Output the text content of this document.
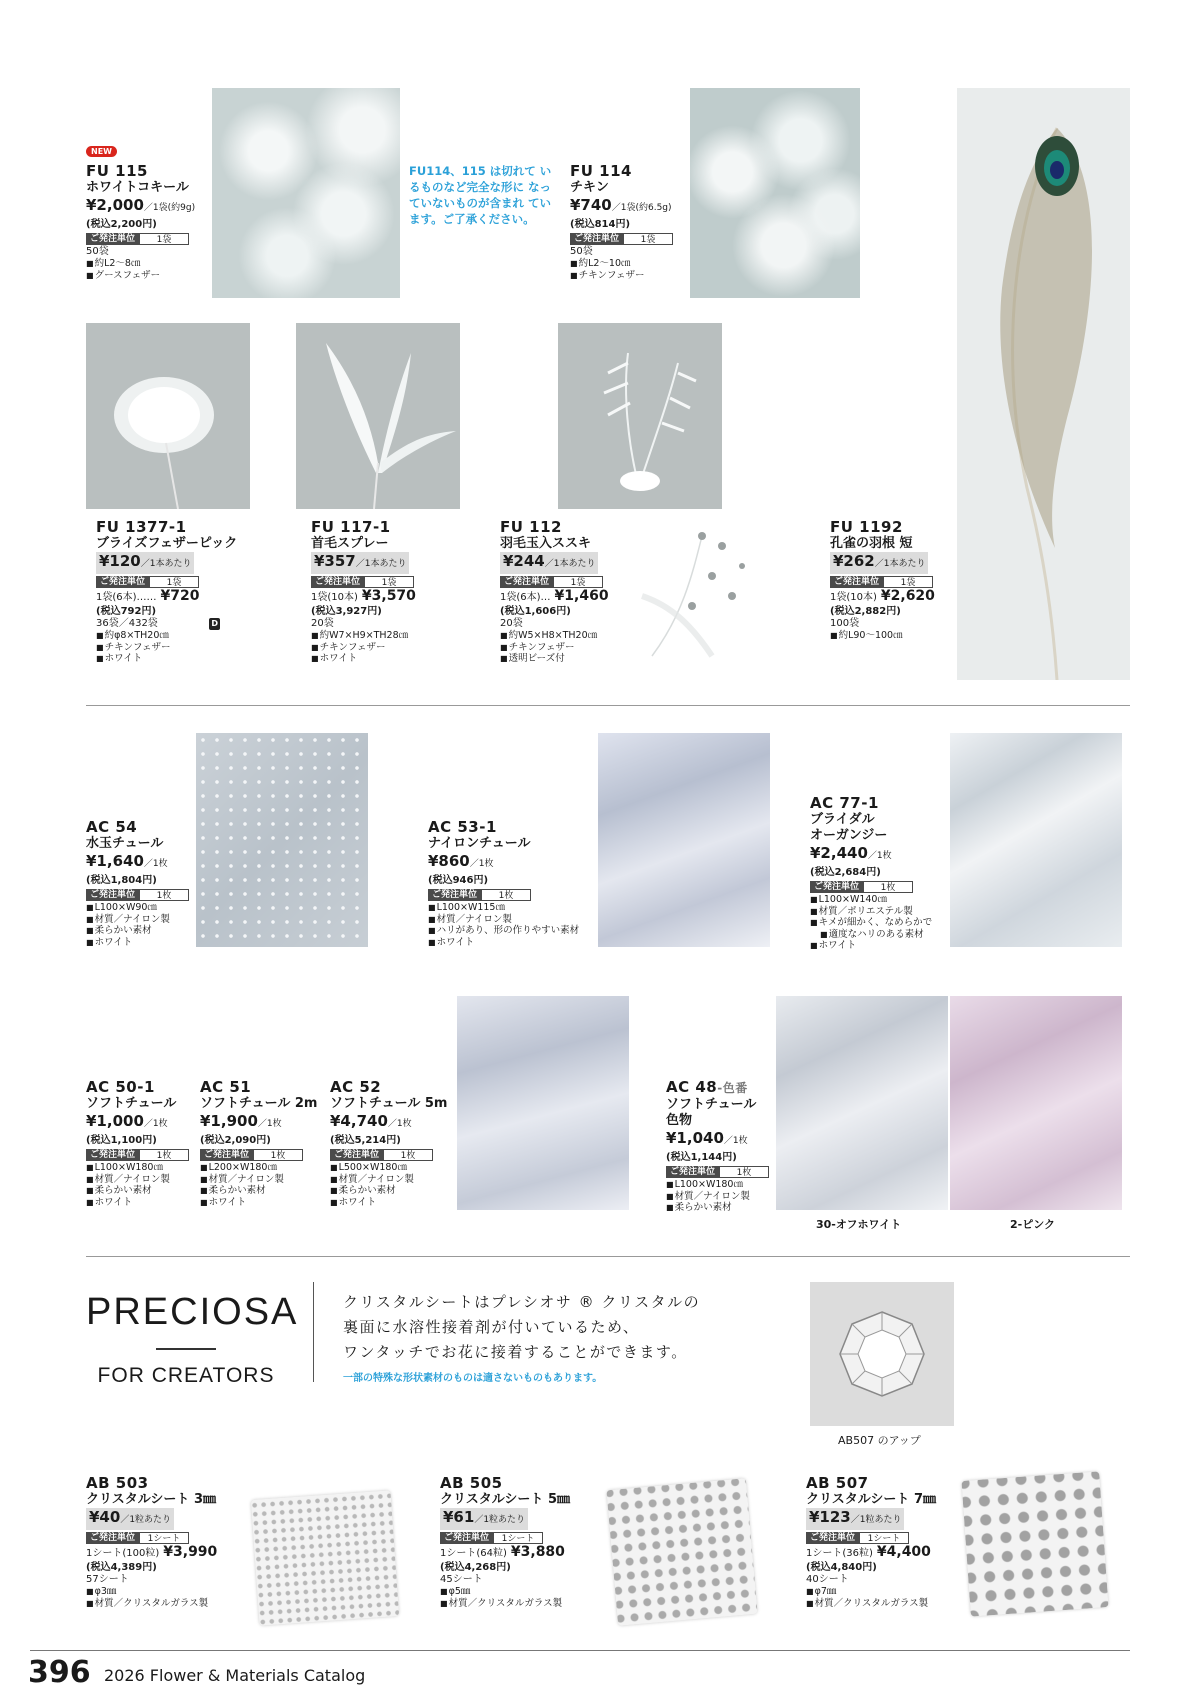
NEW
FU 115
ホワイトコキール
¥2,000／1袋(約9g)
(税込2,200円)
ご発注単位	1袋
50袋
■ 約L2～8㎝
■ グースフェザー
FU114、115 は切れて いるものなど完全な形に なっていないものが含まれ ています。ご了承ください。
FU 114
チキン
¥740／1袋(約6.5g)
(税込814円)
ご発注単位	1袋
50袋
■ 約L2～10㎝
■ チキンフェザー
FU 1377-1
ブライズフェザーピック
¥120／1本あたり
ご発注単位	1袋
1袋(6本)…… ¥720
(税込792円)
36袋／432袋	D
■ 約φ8×TH20㎝
■ チキンフェザー
■ ホワイト
FU 117-1
首毛スプレー
¥357／1本あたり
ご発注単位	1袋
1袋(10本) ¥3,570
(税込3,927円)
20袋
■ 約W7×H9×TH28㎝
■ チキンフェザー
■ ホワイト
FU 112
羽毛玉入ススキ
¥244／1本あたり
ご発注単位	1袋
1袋(6本)… ¥1,460
(税込1,606円)
20袋
■ 約W5×H8×TH20㎝
■ チキンフェザー
■ 透明ビーズ付
FU 1192
孔雀の羽根 短
¥262／1本あたり
ご発注単位	1袋
1袋(10本) ¥2,620
(税込2,882円)
100袋
■ 約L90～100㎝
AC 54
水玉チュール
¥1,640／1枚
(税込1,804円)
ご発注単位	1枚
■ L100×W90㎝
■ 材質／ナイロン製
■ 柔らかい素材
■ ホワイト
AC 53-1
ナイロンチュール
¥860／1枚
(税込946円)
ご発注単位	1枚
■ L100×W115㎝
■ 材質／ナイロン製
■ ハリがあり、形の作りやすい素材
■ ホワイト
AC 77-1
ブライダル
オーガンジー
¥2,440／1枚
(税込2,684円)
ご発注単位	1枚
■ L100×W140㎝
■ 材質／ポリエステル製
■ キメが細かく、なめらかで
■ 適度なハリのある素材
■ ホワイト
AC 50-1
ソフトチュール
¥1,000／1枚
(税込1,100円)
ご発注単位	1枚
■ L100×W180㎝
■ 材質／ナイロン製
■ 柔らかい素材
■ ホワイト
AC 51
ソフトチュール 2m
¥1,900／1枚
(税込2,090円)
ご発注単位	1枚
■ L200×W180㎝
■ 材質／ナイロン製
■ 柔らかい素材
■ ホワイト
AC 52
ソフトチュール 5m
¥4,740／1枚
(税込5,214円)
ご発注単位	1枚
■ L500×W180㎝
■ 材質／ナイロン製
■ 柔らかい素材
■ ホワイト
AC 48-色番
ソフトチュール
色物
¥1,040／1枚
(税込1,144円)
ご発注単位	1枚
■ L100×W180㎝
■ 材質／ナイロン製
■ 柔らかい素材
30-オフホワイト	2-ピンク
PRECIOSA
FOR CREATORS
クリスタルシートはプレシオサ ® クリスタルの
裏面に水溶性接着剤が付いているため、
ワンタッチでお花に接着することができます。
一部の特殊な形状素材のものは適さないものもあります。
AB507 のアップ
AB 503
クリスタルシート 3㎜
¥40／1粒あたり
ご発注単位	1シート
1シート(100粒) ¥3,990
(税込4,389円)
57シート
■ φ3㎜
■ 材質／クリスタルガラス製
AB 505
クリスタルシート 5㎜
¥61／1粒あたり
ご発注単位	1シート
1シート(64粒) ¥3,880
(税込4,268円)
45シート
■ φ5㎜
■ 材質／クリスタルガラス製
AB 507
クリスタルシート 7㎜
¥123／1粒あたり
ご発注単位	1シート
1シート(36粒) ¥4,400
(税込4,840円)
40シート
■ φ7㎜
■ 材質／クリスタルガラス製
396 2026 Flower & Materials Catalog
